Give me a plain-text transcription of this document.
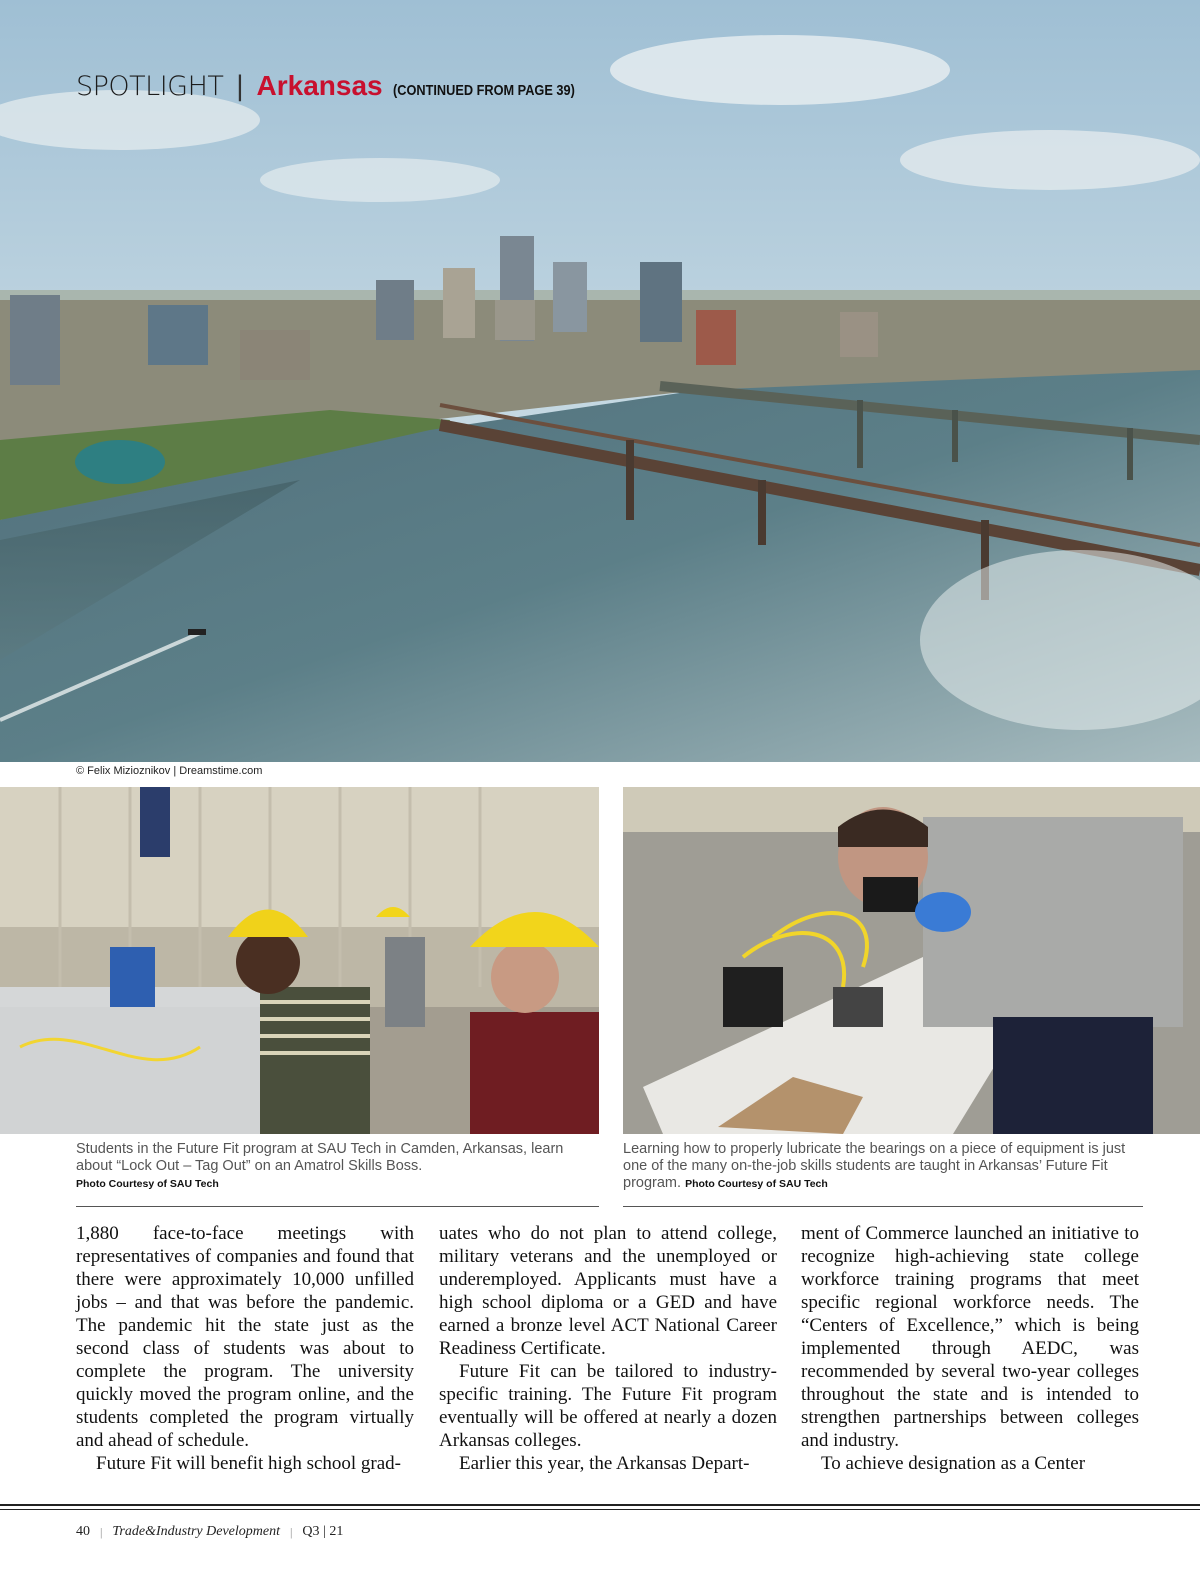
SPOTLIGHT | Arkansas (CONTINUED FROM PAGE 39)
© Felix Mizioznikov | Dreamstime.com
Students in the Future Fit program at SAU Tech in Camden, Arkansas, learn about “Lock Out – Tag Out” on an Amatrol Skills Boss.
Photo Courtesy of SAU Tech
Learning how to properly lubricate the bearings on a piece of equipment is just one of the many on-the-job skills students are taught in Arkansas’ Future Fit program. Photo Courtesy of SAU Tech

1,880 face-to-face meetings with representatives of companies and found that there were approximately 10,000 unfilled jobs – and that was before the pandemic. The pandemic hit the state just as the second class of students was about to complete the program. The university quickly moved the program online, and the students completed the program virtually and ahead of schedule.

Future Fit will benefit high school grad-

uates who do not plan to attend college, military veterans and the unemployed or underemployed. Applicants must have a high school diploma or a GED and have earned a bronze level ACT National Career Readiness Certificate.

Future Fit can be tailored to industry-specific training. The Future Fit program eventually will be offered at nearly a dozen Arkansas colleges.

Earlier this year, the Arkansas Depart-

ment of Commerce launched an initiative to recognize high-achieving state college workforce training programs that meet specific regional workforce needs. The “Centers of Excellence,” which is being implemented through AEDC, was recommended by several two-year colleges throughout the state and is intended to strengthen partnerships between colleges and industry.

To achieve designation as a Center

40 | Trade&Industry Development | Q3 | 21
